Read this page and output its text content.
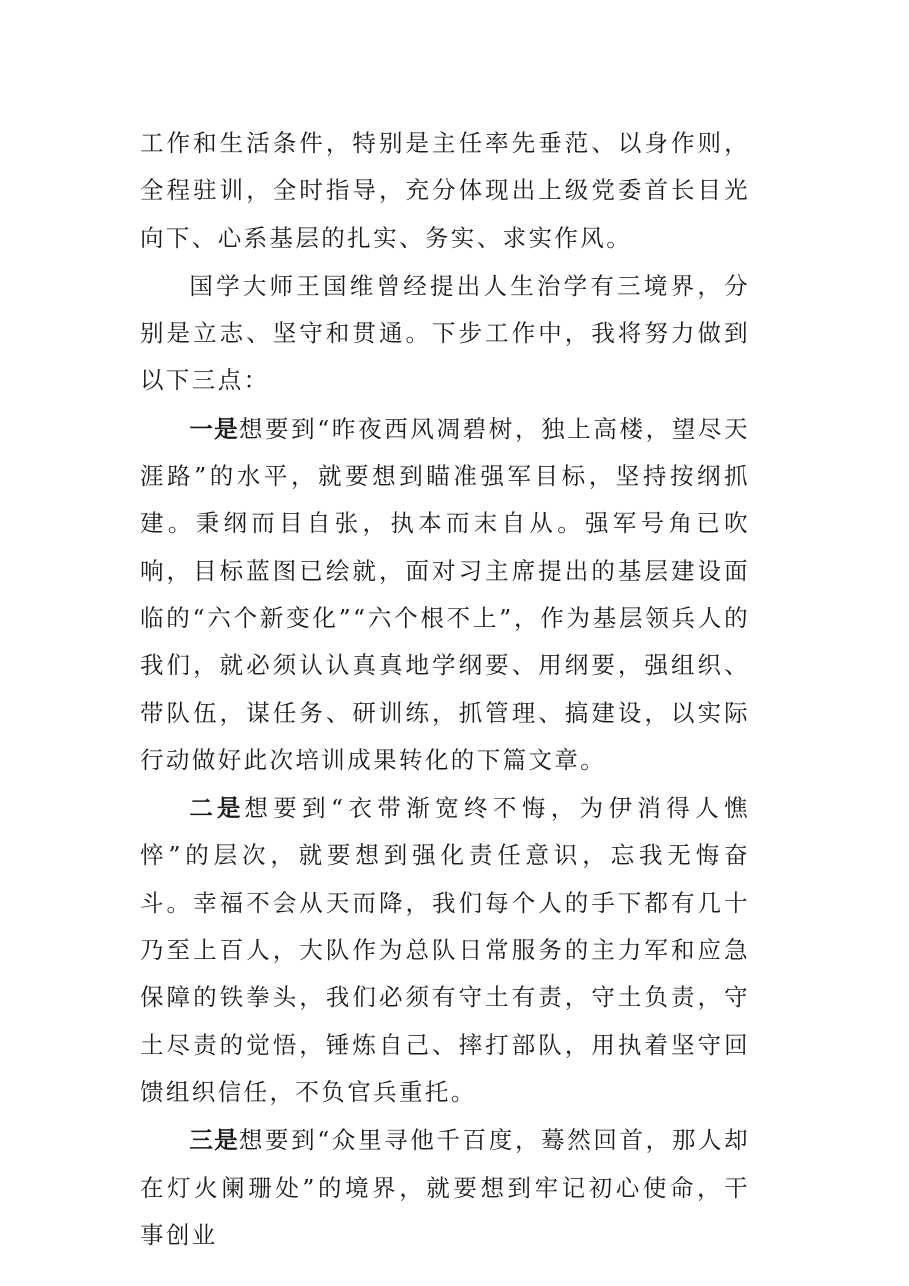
工作和生活条件，特别是主任率先垂范、以身作则，全程驻训，全时指导，充分体现出上级党委首长目光向下、心系基层的扎实、务实、求实作风。

国学大师王国维曾经提出人生治学有三境界，分别是立志、坚守和贯通。下步工作中，我将努力做到以下三点：

一是想要到“昨夜西风凋碧树，独上高楼，望尽天涯路”的水平，就要想到瞄准强军目标，坚持按纲抓建。秉纲而目自张，执本而末自从。强军号角已吹响，目标蓝图已绘就，面对习主席提出的基层建设面临的“六个新变化”“六个根不上”，作为基层领兵人的我们，就必须认认真真地学纲要、用纲要，强组织、带队伍，谋任务、研训练，抓管理、搞建设，以实际行动做好此次培训成果转化的下篇文章。

二是想要到“衣带渐宽终不悔，为伊消得人憔悴”的层次，就要想到强化责任意识，忘我无悔奋斗。幸福不会从天而降，我们每个人的手下都有几十乃至上百人，大队作为总队日常服务的主力军和应急保障的铁拳头，我们必须有守土有责，守土负责，守土尽责的觉悟，锤炼自己、摔打部队，用执着坚守回馈组织信任，不负官兵重托。

三是想要到“众里寻他千百度，蓦然回首，那人却在灯火阑珊处”的境界，就要想到牢记初心使命，干事创业
